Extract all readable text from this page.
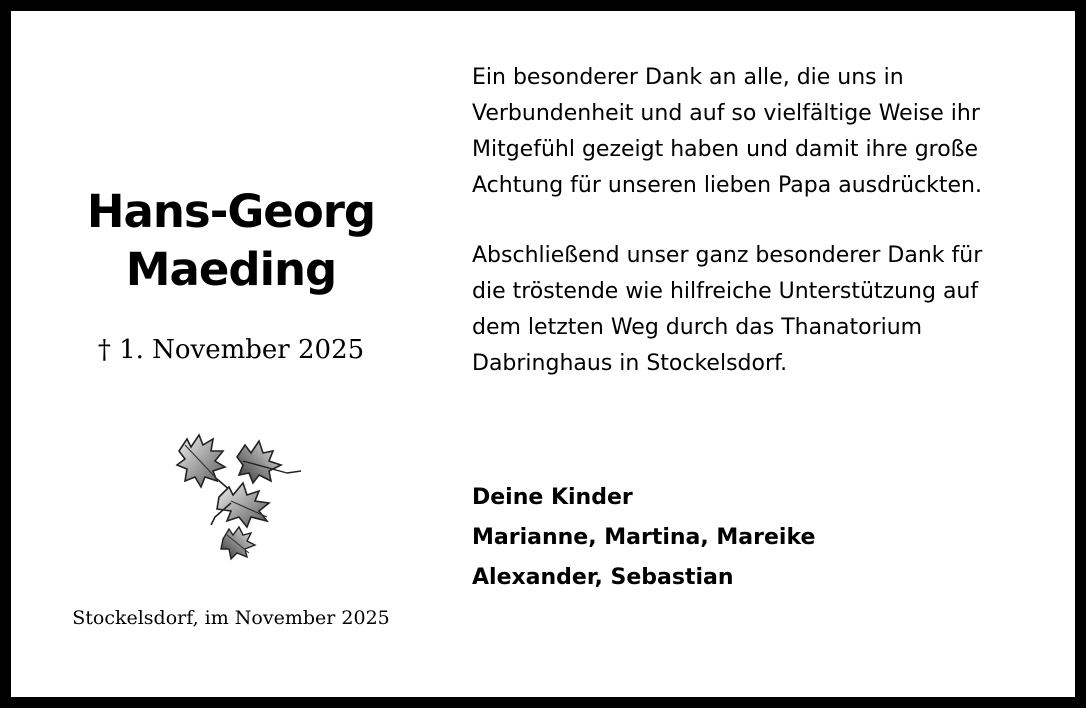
Hans-Georg
Maeding
† 1. November 2025
Stockelsdorf, im November 2025

Ein besonderer Dank an alle, die uns in
Verbundenheit und auf so vielfältige Weise ihr
Mitgefühl gezeigt haben und damit ihre große
Achtung für unseren lieben Papa ausdrückten.

Abschließend unser ganz besonderer Dank für
die tröstende wie hilfreiche Unterstützung auf
dem letzten Weg durch das Thanatorium
Dabringhaus in Stockelsdorf.

Deine Kinder
Marianne, Martina, Mareike
Alexander, Sebastian
